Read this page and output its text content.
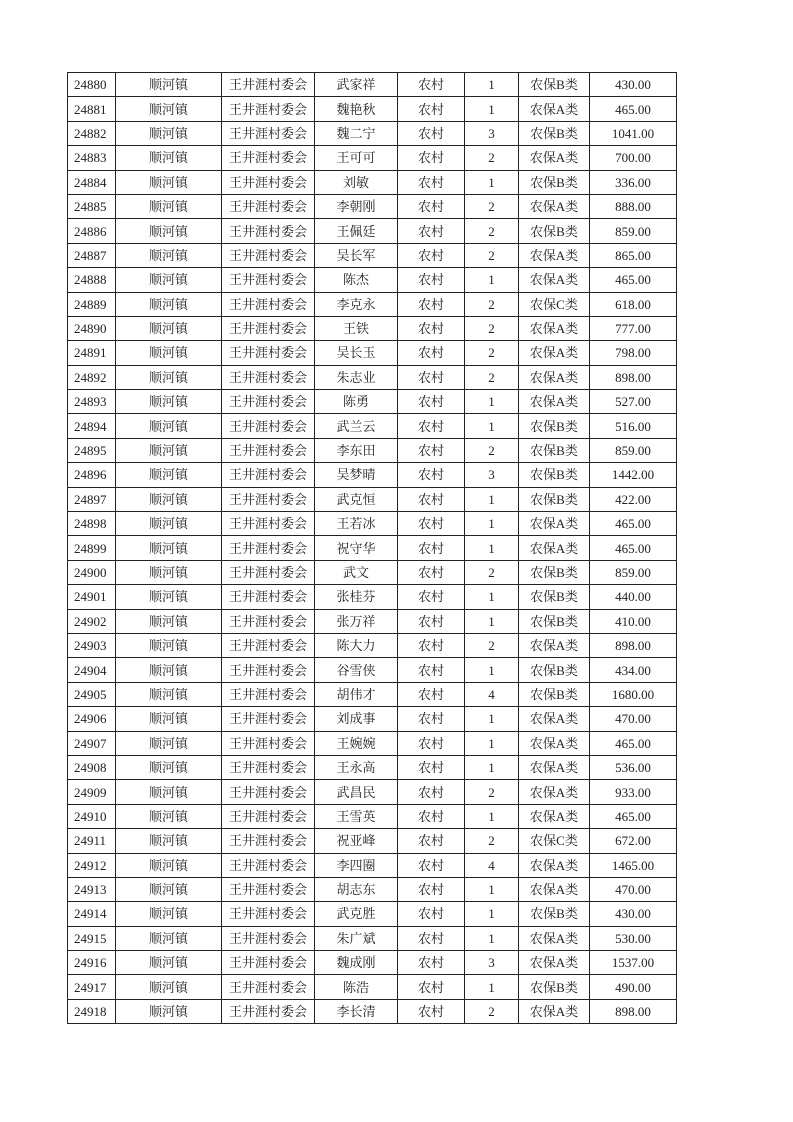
24880	顺河镇	王井涯村委会	武家祥	农村	1	农保B类	430.00
24881	顺河镇	王井涯村委会	魏艳秋	农村	1	农保A类	465.00
24882	顺河镇	王井涯村委会	魏二宁	农村	3	农保B类	1041.00
24883	顺河镇	王井涯村委会	王可可	农村	2	农保A类	700.00
24884	顺河镇	王井涯村委会	刘敏	农村	1	农保B类	336.00
24885	顺河镇	王井涯村委会	李朝刚	农村	2	农保A类	888.00
24886	顺河镇	王井涯村委会	王佩廷	农村	2	农保B类	859.00
24887	顺河镇	王井涯村委会	吴长军	农村	2	农保A类	865.00
24888	顺河镇	王井涯村委会	陈杰	农村	1	农保A类	465.00
24889	顺河镇	王井涯村委会	李克永	农村	2	农保C类	618.00
24890	顺河镇	王井涯村委会	王铁	农村	2	农保A类	777.00
24891	顺河镇	王井涯村委会	吴长玉	农村	2	农保A类	798.00
24892	顺河镇	王井涯村委会	朱志业	农村	2	农保A类	898.00
24893	顺河镇	王井涯村委会	陈勇	农村	1	农保A类	527.00
24894	顺河镇	王井涯村委会	武兰云	农村	1	农保B类	516.00
24895	顺河镇	王井涯村委会	李东田	农村	2	农保B类	859.00
24896	顺河镇	王井涯村委会	吴梦晴	农村	3	农保B类	1442.00
24897	顺河镇	王井涯村委会	武克恒	农村	1	农保B类	422.00
24898	顺河镇	王井涯村委会	王若冰	农村	1	农保A类	465.00
24899	顺河镇	王井涯村委会	祝守华	农村	1	农保A类	465.00
24900	顺河镇	王井涯村委会	武文	农村	2	农保B类	859.00
24901	顺河镇	王井涯村委会	张桂芬	农村	1	农保B类	440.00
24902	顺河镇	王井涯村委会	张万祥	农村	1	农保B类	410.00
24903	顺河镇	王井涯村委会	陈大力	农村	2	农保A类	898.00
24904	顺河镇	王井涯村委会	谷雪侠	农村	1	农保B类	434.00
24905	顺河镇	王井涯村委会	胡伟才	农村	4	农保B类	1680.00
24906	顺河镇	王井涯村委会	刘成事	农村	1	农保A类	470.00
24907	顺河镇	王井涯村委会	王婉婉	农村	1	农保A类	465.00
24908	顺河镇	王井涯村委会	王永高	农村	1	农保A类	536.00
24909	顺河镇	王井涯村委会	武昌民	农村	2	农保A类	933.00
24910	顺河镇	王井涯村委会	王雪英	农村	1	农保A类	465.00
24911	顺河镇	王井涯村委会	祝亚峰	农村	2	农保C类	672.00
24912	顺河镇	王井涯村委会	李四圈	农村	4	农保A类	1465.00
24913	顺河镇	王井涯村委会	胡志东	农村	1	农保A类	470.00
24914	顺河镇	王井涯村委会	武克胜	农村	1	农保B类	430.00
24915	顺河镇	王井涯村委会	朱广斌	农村	1	农保A类	530.00
24916	顺河镇	王井涯村委会	魏成刚	农村	3	农保A类	1537.00
24917	顺河镇	王井涯村委会	陈浩	农村	1	农保B类	490.00
24918	顺河镇	王井涯村委会	李长清	农村	2	农保A类	898.00
